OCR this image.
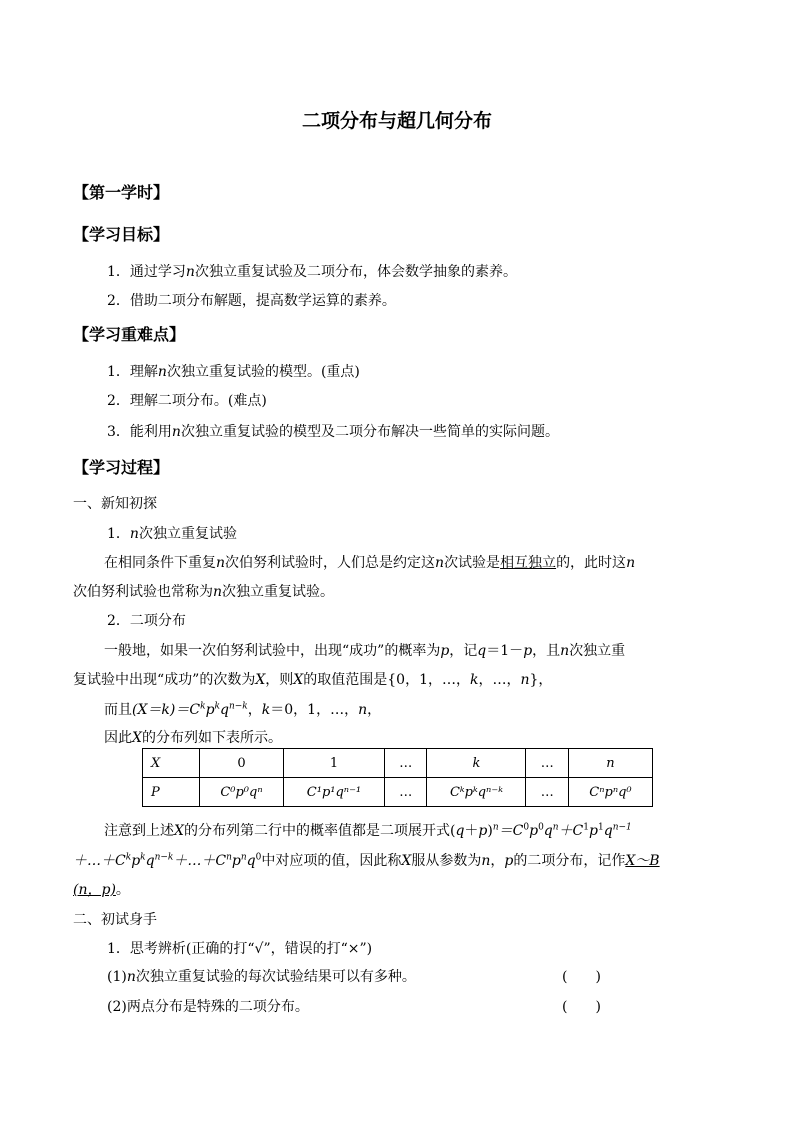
二项分布与超几何分布
【第一学时】
【学习目标】
1．通过学习n次独立重复试验及二项分布，体会数学抽象的素养。
2．借助二项分布解题，提高数学运算的素养。
【学习重难点】
1．理解n次独立重复试验的模型。(重点)
2．理解二项分布。(难点)
3．能利用n次独立重复试验的模型及二项分布解决一些简单的实际问题。
【学习过程】
一、新知初探
1．n次独立重复试验
在相同条件下重复n次伯努利试验时，人们总是约定这n次试验是相互独立的，此时这n
次伯努利试验也常称为n次独立重复试验。
2．二项分布
一般地，如果一次伯努利试验中，出现“成功”的概率为p，记q＝1－p，且n次独立重
复试验中出现“成功”的次数为X，则X的取值范围是{0，1，…，k，…，n}，
而且$(X=k)=C^kp^kq^{n-k}$，k＝0，1，…，n，
因此X的分布列如下表所示。
X	0	1	…	k	…	n
P	C⁰p⁰qⁿ	C¹p¹qⁿ⁻¹	…	Cᵏpᵏqⁿ⁻ᵏ	…	Cⁿpⁿq⁰
注意到上述X的分布列第二行中的概率值都是二项展开式$(q+p)^n=C^0p^0q^n+C^1p^1q^{n-1}$
$+\dots+C^kp^kq^{n-k}+\dots+C^np^nq^0$中对应项的值，因此称X服从参数为n，p的二项分布，记作X～B
(n，p)。
二、初试身手
1．思考辨析(正确的打“√”，错误的打“×”)
(1)n次独立重复试验的每次试验结果可以有多种。	(　　)
(2)两点分布是特殊的二项分布。	(　　)
